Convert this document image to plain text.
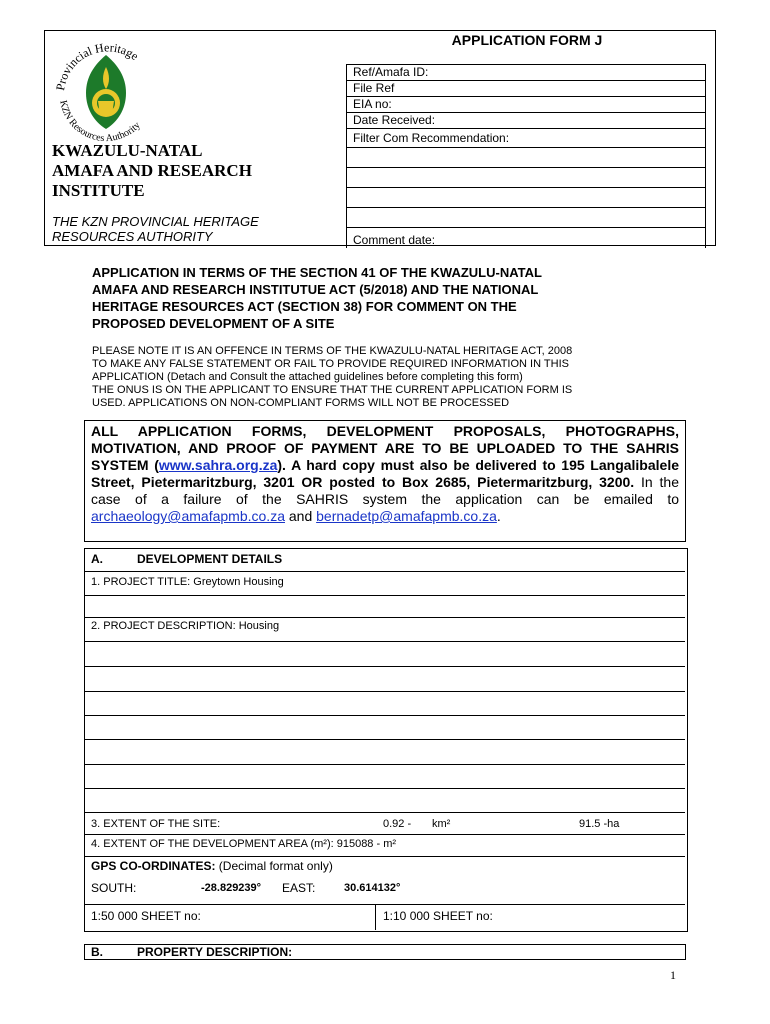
Provincial Heritage
KZN Resources Authority
KWAZULU-NATAL
AMAFA AND RESEARCH
INSTITUTE
THE KZN PROVINCIAL HERITAGE
RESOURCES AUTHORITY
APPLICATION FORM J
Ref/Amafa ID:
File Ref
EIA no:
Date Received:
Filter Com Recommendation:

Comment date:
APPLICATION IN TERMS OF THE SECTION 41 OF THE KWAZULU-NATAL
AMAFA AND RESEARCH INSTITUTUE ACT (5/2018) AND THE NATIONAL
HERITAGE RESOURCES ACT (SECTION 38) FOR COMMENT ON THE
PROPOSED DEVELOPMENT OF A SITE
PLEASE NOTE IT IS AN OFFENCE IN TERMS OF THE KWAZULU-NATAL HERITAGE ACT, 2008
TO MAKE ANY FALSE STATEMENT OR FAIL TO PROVIDE REQUIRED INFORMATION IN THIS
APPLICATION (Detach and Consult the attached guidelines before completing this form)
THE ONUS IS ON THE APPLICANT TO ENSURE THAT THE CURRENT APPLICATION FORM IS
USED. APPLICATIONS ON NON-COMPLIANT FORMS WILL NOT BE PROCESSED
ALL APPLICATION FORMS, DEVELOPMENT PROPOSALS, PHOTOGRAPHS, MOTIVATION, AND PROOF OF PAYMENT ARE TO BE UPLOADED TO THE SAHRIS SYSTEM (www.sahra.org.za). A hard copy must also be delivered to 195 Langalibalele Street, Pietermaritzburg, 3201 OR posted to Box 2685, Pietermaritzburg, 3200. In the case of a failure of the SAHRIS system the application can be emailed to archaeology@amafapmb.co.za and bernadetp@amafapmb.co.za.
A.	DEVELOPMENT DETAILS
1. PROJECT TITLE: Greytown Housing
2. PROJECT DESCRIPTION: Housing
3. EXTENT OF THE SITE:	0.92 - km²	91.5 -ha
4. EXTENT OF THE DEVELOPMENT AREA (m²): 915088 - m²
GPS CO-ORDINATES: (Decimal format only)
SOUTH:	-28.829239° EAST:	30.614132°
1:50 000 SHEET no:	1:10 000 SHEET no:
B.	PROPERTY DESCRIPTION:
1
